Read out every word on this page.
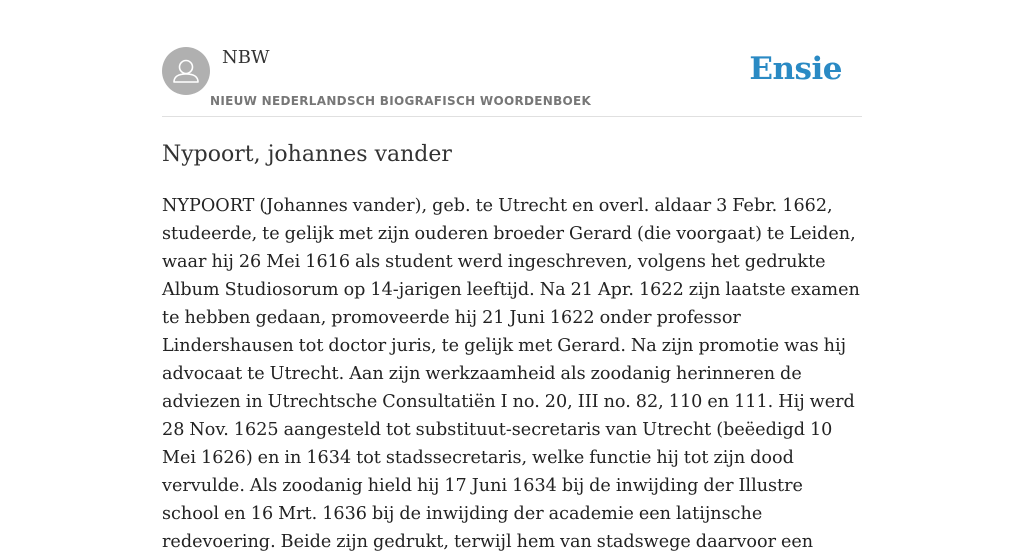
NBW
NIEUW NEDERLANDSCH BIOGRAFISCH WOORDENBOEK
Ensie
Nypoort, johannes vander

NYPOORT (Johannes vander), geb. te Utrecht en overl. aldaar 3 Febr. 1662, studeerde, te gelijk met zijn ouderen broeder Gerard (die voorgaat) te Leiden, waar hij 26 Mei 1616 als student werd ingeschreven, volgens het gedrukte Album Studiosorum op 14-jarigen leeftijd. Na 21 Apr. 1622 zijn laatste examen te hebben gedaan, promoveerde hij 21 Juni 1622 onder professor Lindershausen tot doctor juris, te gelijk met Gerard. Na zijn promotie was hij advocaat te Utrecht. Aan zijn werkzaamheid als zoodanig herinneren de adviezen in Utrechtsche Consultatiën I no. 20, III no. 82, 110 en 111. Hij werd 28 Nov. 1625 aangesteld tot substituut-secretaris van Utrecht (beëedigd 10 Mei 1626) en in 1634 tot stadssecretaris, welke functie hij tot zijn dood vervulde. Als zoodanig hield hij 17 Juni 1634 bij de inwijding der Illustre school en 16 Mrt. 1636 bij de inwijding der academie een latijnsche redevoering. Beide zijn gedrukt, terwijl hem van stadswege daarvoor een
